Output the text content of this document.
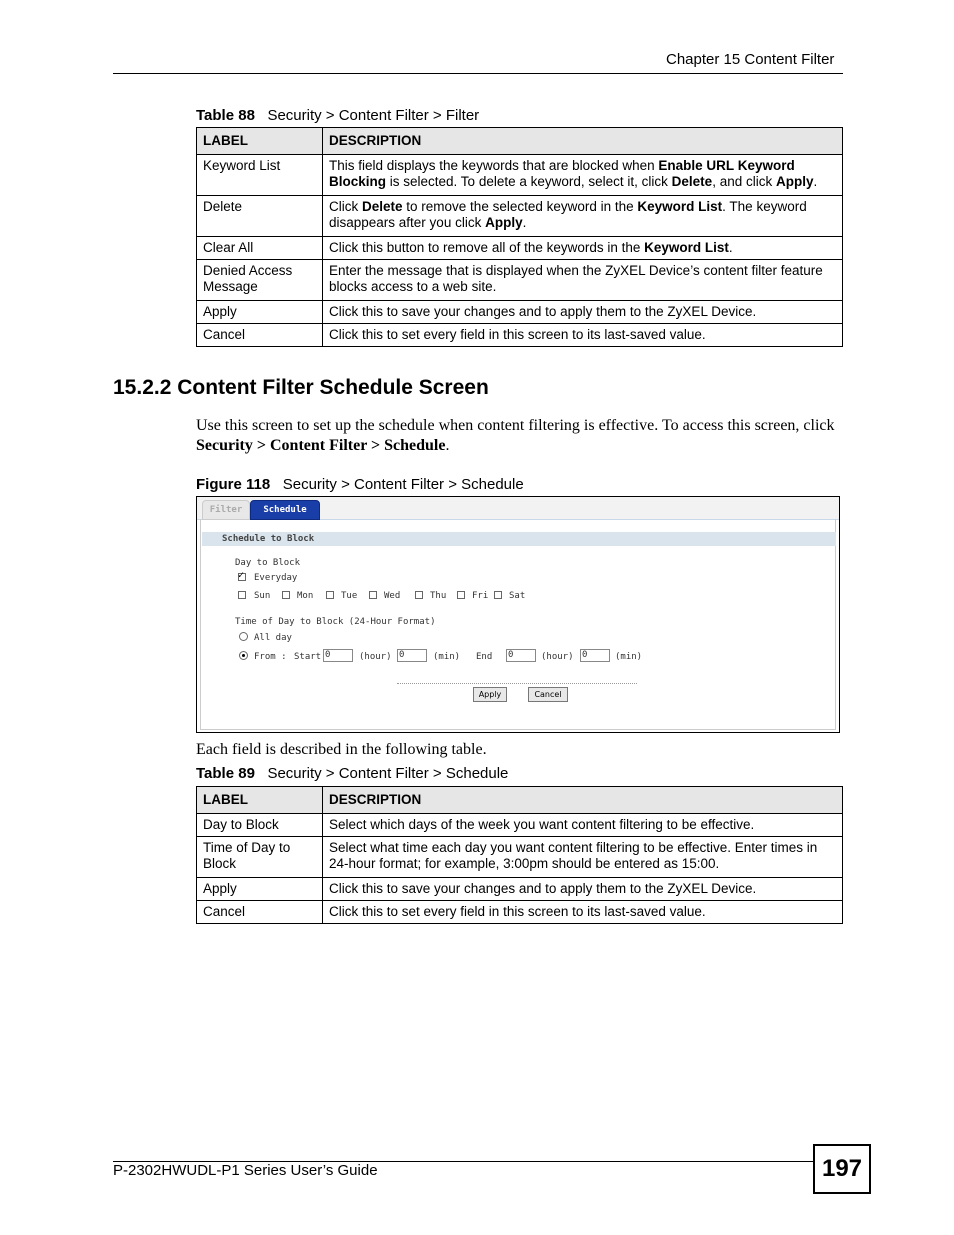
Chapter 15 Content Filter
Table 88 Security > Content Filter > Filter
LABEL	DESCRIPTION
Keyword List	This field displays the keywords that are blocked when Enable URL Keyword Blocking is selected. To delete a keyword, select it, click Delete, and click Apply.
Delete	Click Delete to remove the selected keyword in the Keyword List. The keyword disappears after you click Apply.
Clear All	Click this button to remove all of the keywords in the Keyword List.
Denied Access Message	Enter the message that is displayed when the ZyXEL Device’s content filter feature blocks access to a web site.
Apply	Click this to save your changes and to apply them to the ZyXEL Device.
Cancel	Click this to set every field in this screen to its last-saved value.
15.2.2 Content Filter Schedule Screen
Use this screen to set up the schedule when content filtering is effective. To access this screen, click Security > Content Filter > Schedule.
Figure 118 Security > Content Filter > Schedule
Filter	Schedule
Schedule to Block
Day to Block
✓
Everyday
Sun	Mon	Tue	Wed	Thu	Fri Sat
Time of Day to Block (24-Hour Format)
All day
From : Start 0	(hour) 0	(min) End 0	(hour) 0	(min)
Apply	Cancel
Each field is described in the following table.
Table 89 Security > Content Filter > Schedule
LABEL	DESCRIPTION
Day to Block	Select which days of the week you want content filtering to be effective.
Time of Day to Block	Select what time each day you want content filtering to be effective. Enter times in 24-hour format; for example, 3:00pm should be entered as 15:00.
Apply	Click this to save your changes and to apply them to the ZyXEL Device.
Cancel	Click this to set every field in this screen to its last-saved value.
P-2302HWUDL-P1 Series User’s Guide	197
